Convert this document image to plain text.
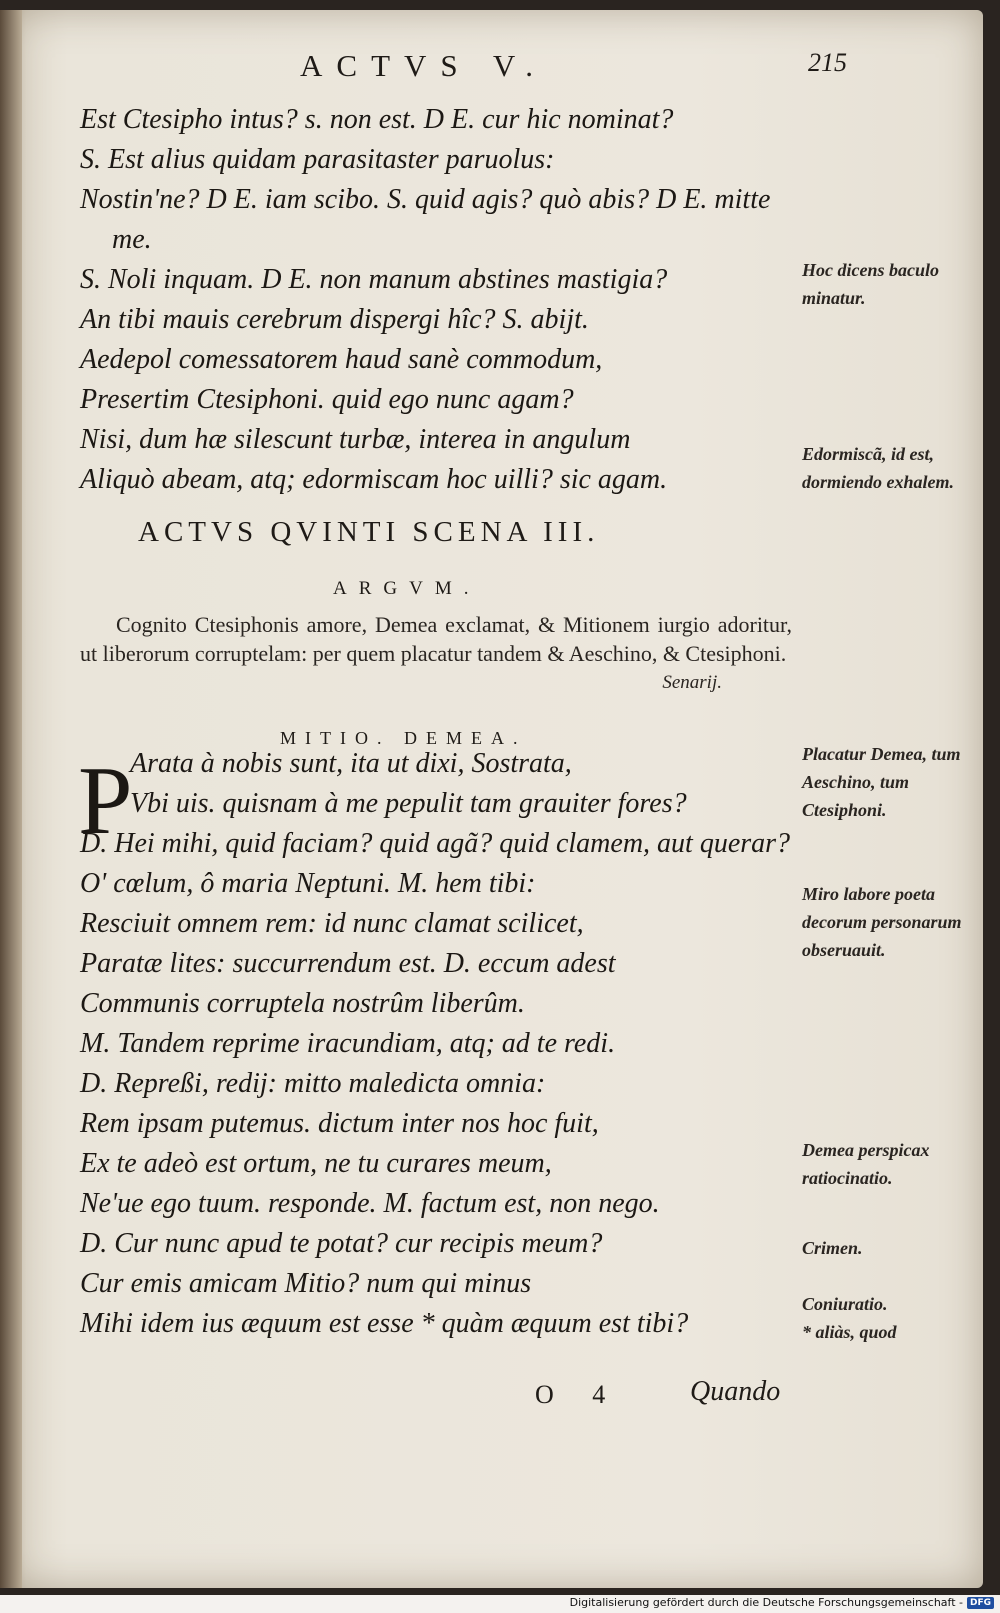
ACTVS V.	215
Est Ctesipho intus? s. non est. D E. cur hic nominat?
S. Est alius quidam parasitaster paruolus:
Nostin'ne? D E. iam scibo. S. quid agis? quò abis? D E. mitte
me.
S. Noli inquam. D E. non manum abstines mastigia?
An tibi mauis cerebrum dispergi hîc? S. abijt.
Aedepol comessatorem haud sanè commodum,
Presertim Ctesiphoni. quid ego nunc agam?
Nisi, dum hæ silescunt turbæ, interea in angulum
Aliquò abeam, atq; edormiscam hoc uilli? sic agam.
ACTVS QVINTI SCENA III.
ARGVM.

Cognito Ctesiphonis amore, Demea exclamat, & Mitionem iurgio adoritur, ut liberorum corruptelam: per quem placatur tandem & Aeschino, & Ctesiphoni.
Senarij.

MITIO. DEMEA.
P
Arata à nobis sunt, ita ut dixi, Sostrata,
Vbi uis. quisnam à me pepulit tam grauiter fores?
D. Hei mihi, quid faciam? quid agã? quid clamem, aut querar?
O' cœlum, ô maria Neptuni. M. hem tibi:
Resciuit omnem rem: id nunc clamat scilicet,
Paratæ lites: succurrendum est. D. eccum adest
Communis corruptela nostrûm liberûm.
M. Tandem reprime iracundiam, atq; ad te redi.
D. Repreßi, redij: mitto maledicta omnia:
Rem ipsam putemus. dictum inter nos hoc fuit,
Ex te adeò est ortum, ne tu curares meum,
Ne'ue ego tuum. responde. M. factum est, non nego.
D. Cur nunc apud te potat? cur recipis meum?
Cur emis amicam Mitio? num qui minus
Mihi idem ius æquum est esse * quàm æquum est tibi?
Hoc dicens baculo minatur.
Edormiscã, id est, dormiendo exhalem.
Placatur Demea, tum Aeschino, tum Ctesiphoni.
Miro labore poeta decorum personarum obseruauit.
Demea perspicax ratiocinatio.
Crimen.
Coniuratio.
* aliàs, quod
O 4 Quando
Digitalisierung gefördert durch die Deutsche Forschungsgemeinschaft - DFG
